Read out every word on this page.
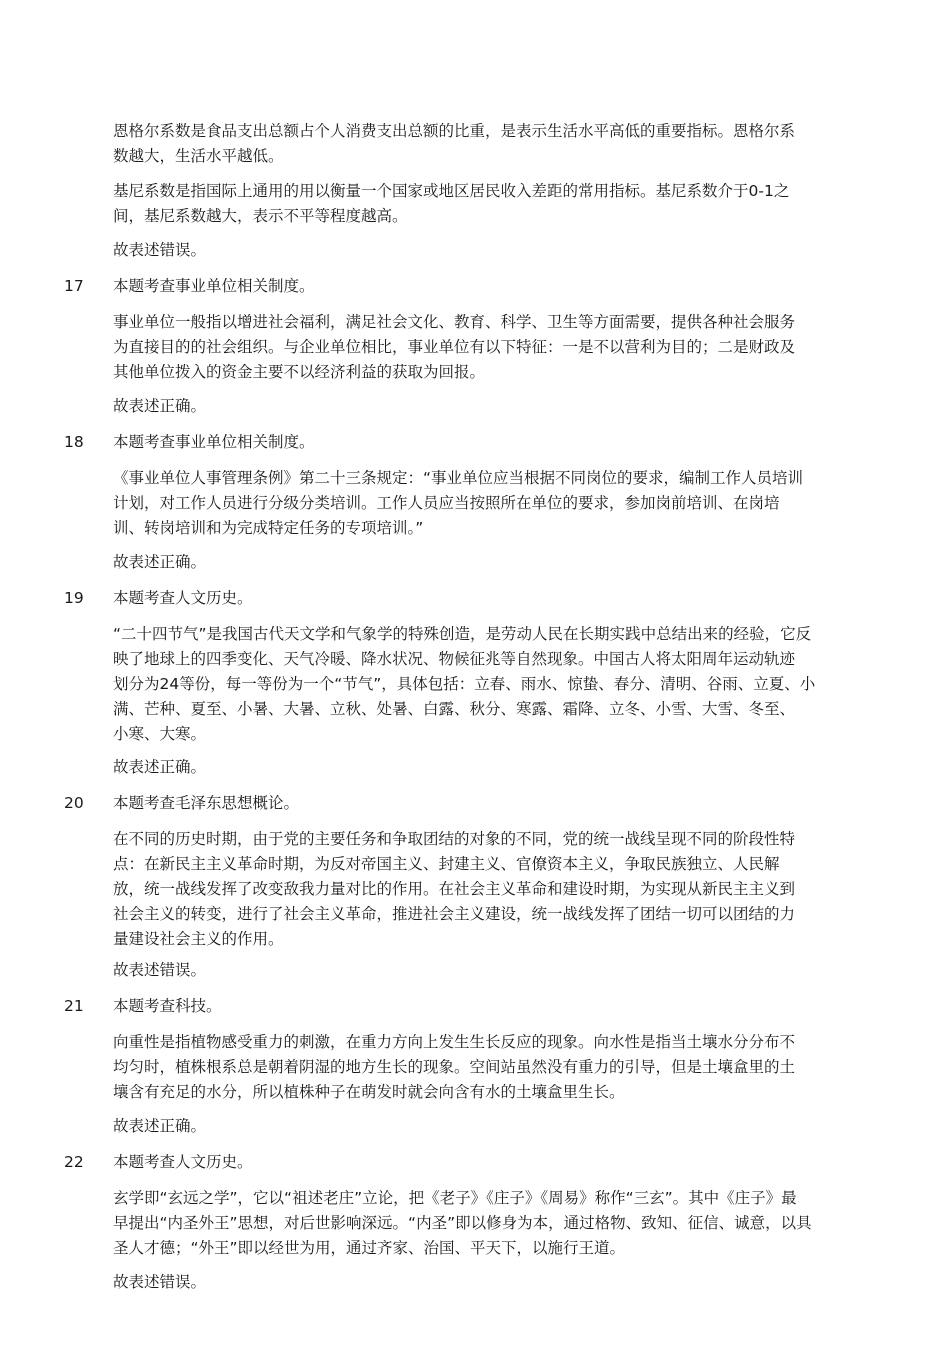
恩格尔系数是食品支出总额占个人消费支出总额的比重，是表示生活水平高低的重要指标。恩格尔系
数越大，生活水平越低。

基尼系数是指国际上通用的用以衡量一个国家或地区居民收入差距的常用指标。基尼系数介于0-1之
间，基尼系数越大，表示不平等程度越高。

故表述错误。

17 本题考查事业单位相关制度。

事业单位一般指以增进社会福利，满足社会文化、教育、科学、卫生等方面需要，提供各种社会服务
为直接目的的社会组织。与企业单位相比，事业单位有以下特征：一是不以营利为目的；二是财政及
其他单位拨入的资金主要不以经济利益的获取为回报。

故表述正确。

18 本题考查事业单位相关制度。

《事业单位人事管理条例》第二十三条规定：“事业单位应当根据不同岗位的要求，编制工作人员培训
计划，对工作人员进行分级分类培训。工作人员应当按照所在单位的要求，参加岗前培训、在岗培
训、转岗培训和为完成特定任务的专项培训。”

故表述正确。

19 本题考查人文历史。

“二十四节气”是我国古代天文学和气象学的特殊创造，是劳动人民在长期实践中总结出来的经验，它反
映了地球上的四季变化、天气冷暖、降水状况、物候征兆等自然现象。中国古人将太阳周年运动轨迹
划分为24等份，每一等份为一个“节气”，具体包括：立春、雨水、惊蛰、春分、清明、谷雨、立夏、小
满、芒种、夏至、小暑、大暑、立秋、处暑、白露、秋分、寒露、霜降、立冬、小雪、大雪、冬至、
小寒、大寒。

故表述正确。

20 本题考查毛泽东思想概论。

在不同的历史时期，由于党的主要任务和争取团结的对象的不同，党的统一战线呈现不同的阶段性特
点：在新民主主义革命时期，为反对帝国主义、封建主义、官僚资本主义，争取民族独立、人民解
放，统一战线发挥了改变敌我力量对比的作用。在社会主义革命和建设时期，为实现从新民主主义到
社会主义的转变，进行了社会主义革命，推进社会主义建设，统一战线发挥了团结一切可以团结的力
量建设社会主义的作用。

故表述错误。

21 本题考查科技。

向重性是指植物感受重力的刺激，在重力方向上发生生长反应的现象。向水性是指当土壤水分分布不
均匀时，植株根系总是朝着阴湿的地方生长的现象。空间站虽然没有重力的引导，但是土壤盒里的土
壤含有充足的水分，所以植株种子在萌发时就会向含有水的土壤盒里生长。

故表述正确。

22 本题考查人文历史。

玄学即“玄远之学”，它以“祖述老庄”立论，把《老子》《庄子》《周易》称作“三玄”。其中《庄子》最
早提出“内圣外王”思想，对后世影响深远。“内圣”即以修身为本，通过格物、致知、征信、诚意，以具
圣人才德；“外王”即以经世为用，通过齐家、治国、平天下，以施行王道。

故表述错误。
